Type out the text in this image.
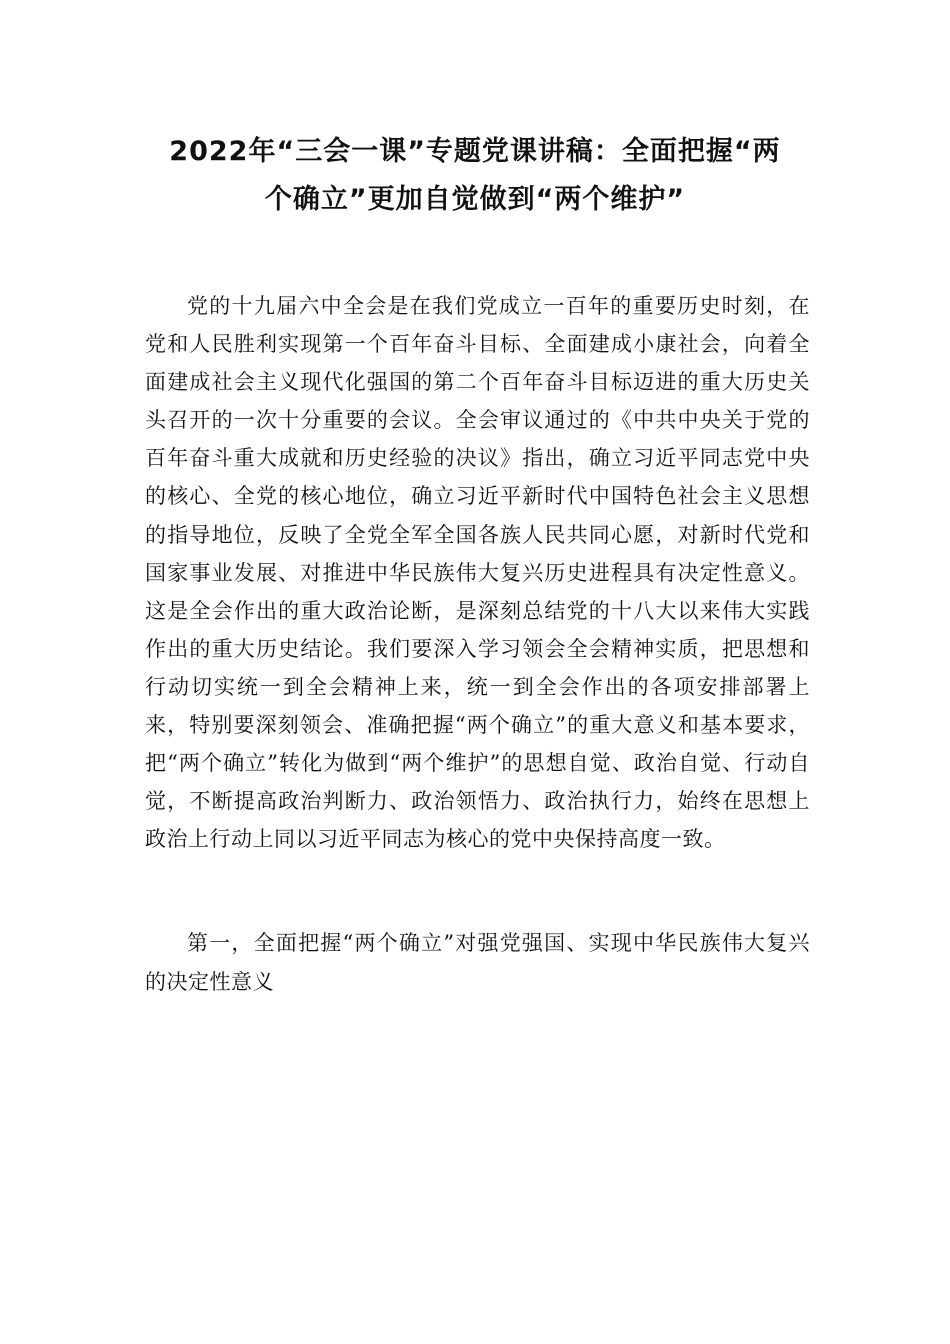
2022年“三会一课”专题党课讲稿：全面把握“两
个确立”更加自觉做到“两个维护”

党的十九届六中全会是在我们党成立一百年的重要历史时刻，在党和人民胜利实现第一个百年奋斗目标、全面建成小康社会，向着全面建成社会主义现代化强国的第二个百年奋斗目标迈进的重大历史关头召开的一次十分重要的会议。全会审议通过的《中共中央关于党的百年奋斗重大成就和历史经验的决议》指出，确立习近平同志党中央的核心、全党的核心地位，确立习近平新时代中国特色社会主义思想的指导地位，反映了全党全军全国各族人民共同心愿，对新时代党和国家事业发展、对推进中华民族伟大复兴历史进程具有决定性意义。这是全会作出的重大政治论断，是深刻总结党的十八大以来伟大实践作出的重大历史结论。我们要深入学习领会全会精神实质，把思想和行动切实统一到全会精神上来，统一到全会作出的各项安排部署上来，特别要深刻领会、准确把握“两个确立”的重大意义和基本要求，把“两个确立”转化为做到“两个维护”的思想自觉、政治自觉、行动自觉，不断提高政治判断力、政治领悟力、政治执行力，始终在思想上政治上行动上同以习近平同志为核心的党中央保持高度一致。

第一，全面把握“两个确立”对强党强国、实现中华民族伟大复兴的决定性意义
